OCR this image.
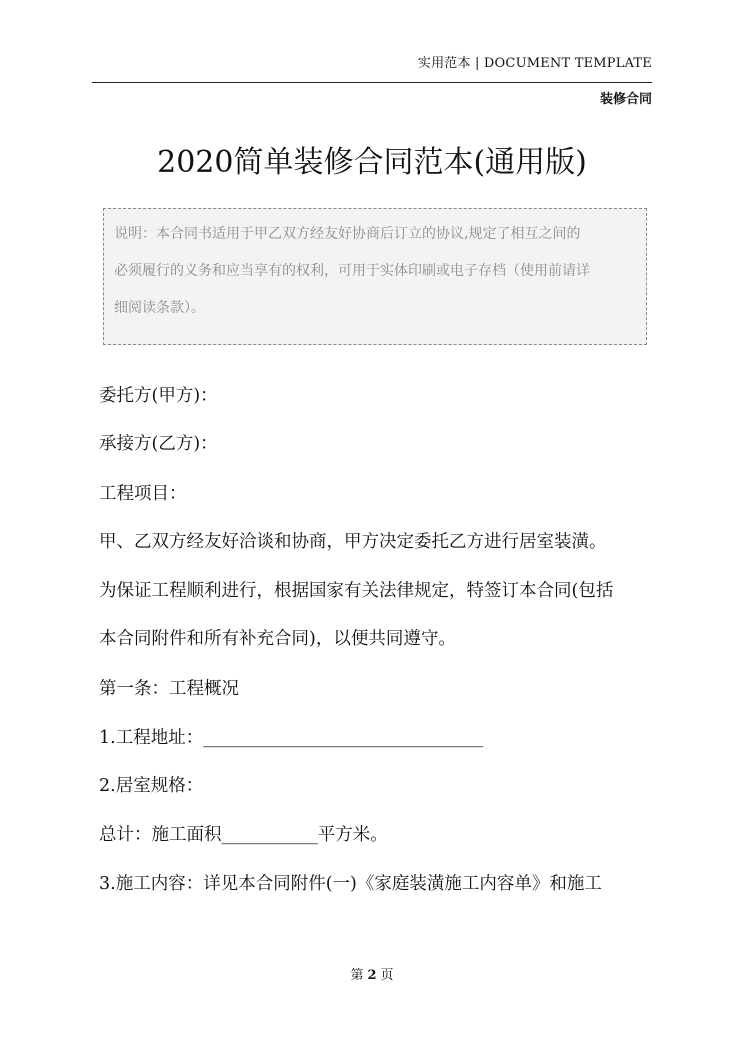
实用范本 | DOCUMENT TEMPLATE
装修合同
2020简单装修合同范本(通用版)
说明：本合同书适用于甲乙双方经友好协商后订立的协议,规定了相互之间的
必须履行的义务和应当享有的权利，可用于实体印刷或电子存档（使用前请详
细阅读条款）。
委托方(甲方)：
承接方(乙方)：
工程项目：
甲、乙双方经友好洽谈和协商，甲方决定委托乙方进行居室装潢。
为保证工程顺利进行，根据国家有关法律规定，特签订本合同(包括
本合同附件和所有补充合同)，以便共同遵守。
第一条：工程概况
1.工程地址：________________________________
2.居室规格：
总计：施工面积___________平方米。
3.施工内容：详见本合同附件(一)《家庭装潢施工内容单》和施工
第 2 页
